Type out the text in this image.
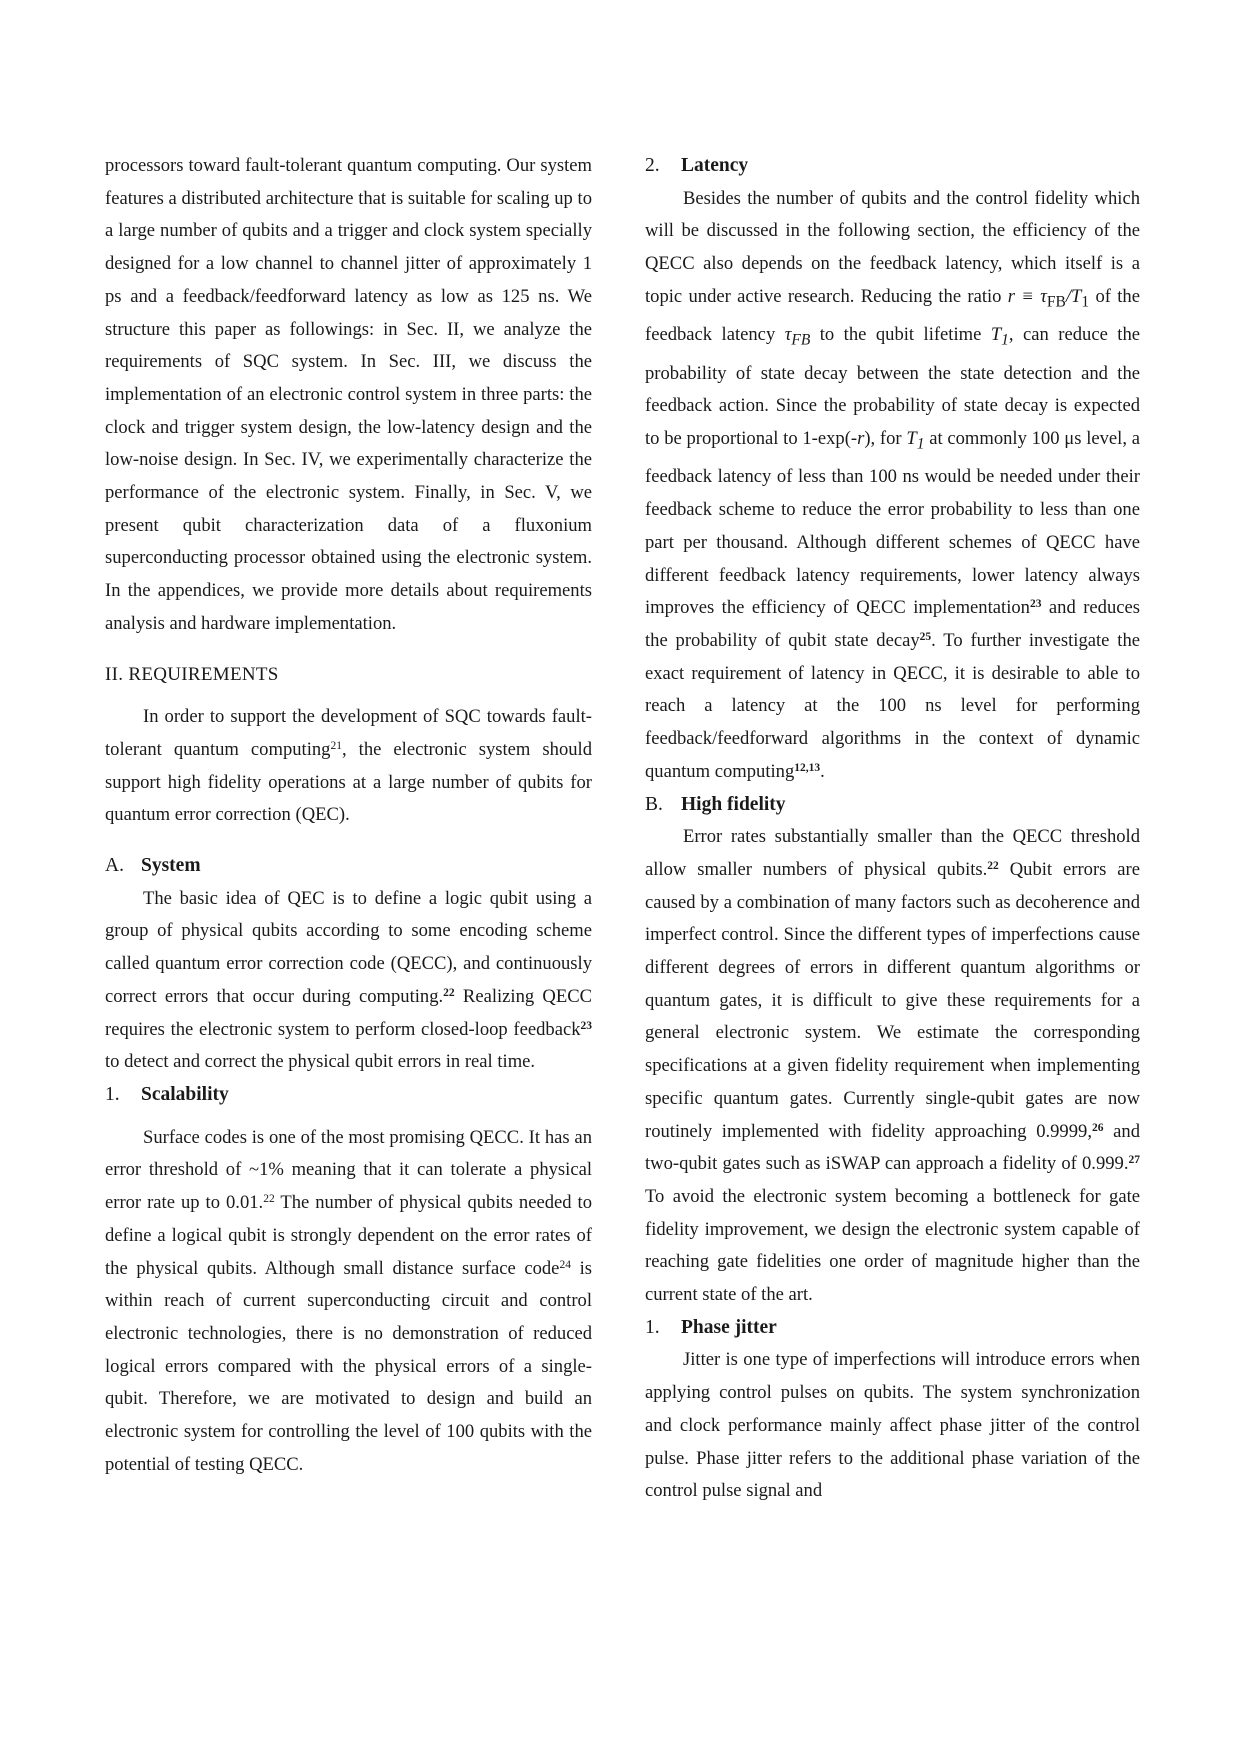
processors toward fault-tolerant quantum computing. Our system features a distributed architecture that is suitable for scaling up to a large number of qubits and a trigger and clock system specially designed for a low channel to channel jitter of approximately 1 ps and a feedback/feedforward latency as low as 125 ns. We structure this paper as followings: in Sec. II, we analyze the requirements of SQC system. In Sec. III, we discuss the implementation of an electronic control system in three parts: the clock and trigger system design, the low-latency design and the low-noise design. In Sec. IV, we experimentally characterize the performance of the electronic system. Finally, in Sec. V, we present qubit characterization data of a fluxonium superconducting processor obtained using the electronic system. In the appendices, we provide more details about requirements analysis and hardware implementation.

II. REQUIREMENTS

In order to support the development of SQC towards fault-tolerant quantum computing$^{21}$, the electronic system should support high fidelity operations at a large number of qubits for quantum error correction (QEC).

A. System

The basic idea of QEC is to define a logic qubit using a group of physical qubits according to some encoding scheme called quantum error correction code (QECC), and continuously correct errors that occur during computing.$^{22}$ Realizing QECC requires the electronic system to perform closed-loop feedback$^{23}$ to detect and correct the physical qubit errors in real time.

1. Scalability

Surface codes is one of the most promising QECC. It has an error threshold of ~1% meaning that it can tolerate a physical error rate up to 0.01.22 The number of physical qubits needed to define a logical qubit is strongly dependent on the error rates of the physical qubits. Although small distance surface code$^{24}$ is within reach of current superconducting circuit and control electronic technologies, there is no demonstration of reduced logical errors compared with the physical errors of a single-qubit. Therefore, we are motivated to design and build an electronic system for controlling the level of 100 qubits with the potential of testing QECC.

2. Latency

Besides the number of qubits and the control fidelity which will be discussed in the following section, the efficiency of the QECC also depends on the feedback latency, which itself is a topic under active research. Reducing the ratio $r \equiv \tau_{FB}/T_1$ of the feedback latency $\tau_{FB}$ to the qubit lifetime $T_1$, can reduce the probability of state decay between the state detection and the feedback action. Since the probability of state decay is expected to be proportional to 1-exp(-r), for $T_1$ at commonly 100 μs level, a feedback latency of less than 100 ns would be needed under their feedback scheme to reduce the error probability to less than one part per thousand. Although different schemes of QECC have different feedback latency requirements, lower latency always improves the efficiency of QECC implementation$^{23}$ and reduces the probability of qubit state decay$^{25}$. To further investigate the exact requirement of latency in QECC, it is desirable to able to reach a latency at the 100 ns level for performing feedback/feedforward algorithms in the context of dynamic quantum computing$^{12,13}$.

B. High fidelity

Error rates substantially smaller than the QECC threshold allow smaller numbers of physical qubits.$^{22}$ Qubit errors are caused by a combination of many factors such as decoherence and imperfect control. Since the different types of imperfections cause different degrees of errors in different quantum algorithms or quantum gates, it is difficult to give these requirements for a general electronic system. We estimate the corresponding specifications at a given fidelity requirement when implementing specific quantum gates. Currently single-qubit gates are now routinely implemented with fidelity approaching 0.9999,26 and two-qubit gates such as iSWAP can approach a fidelity of 0.999.27 To avoid the electronic system becoming a bottleneck for gate fidelity improvement, we design the electronic system capable of reaching gate fidelities one order of magnitude higher than the current state of the art.

1. Phase jitter

Jitter is one type of imperfections will introduce errors when applying control pulses on qubits. The system synchronization and clock performance mainly affect phase jitter of the control pulse. Phase jitter refers to the additional phase variation of the control pulse signal and
